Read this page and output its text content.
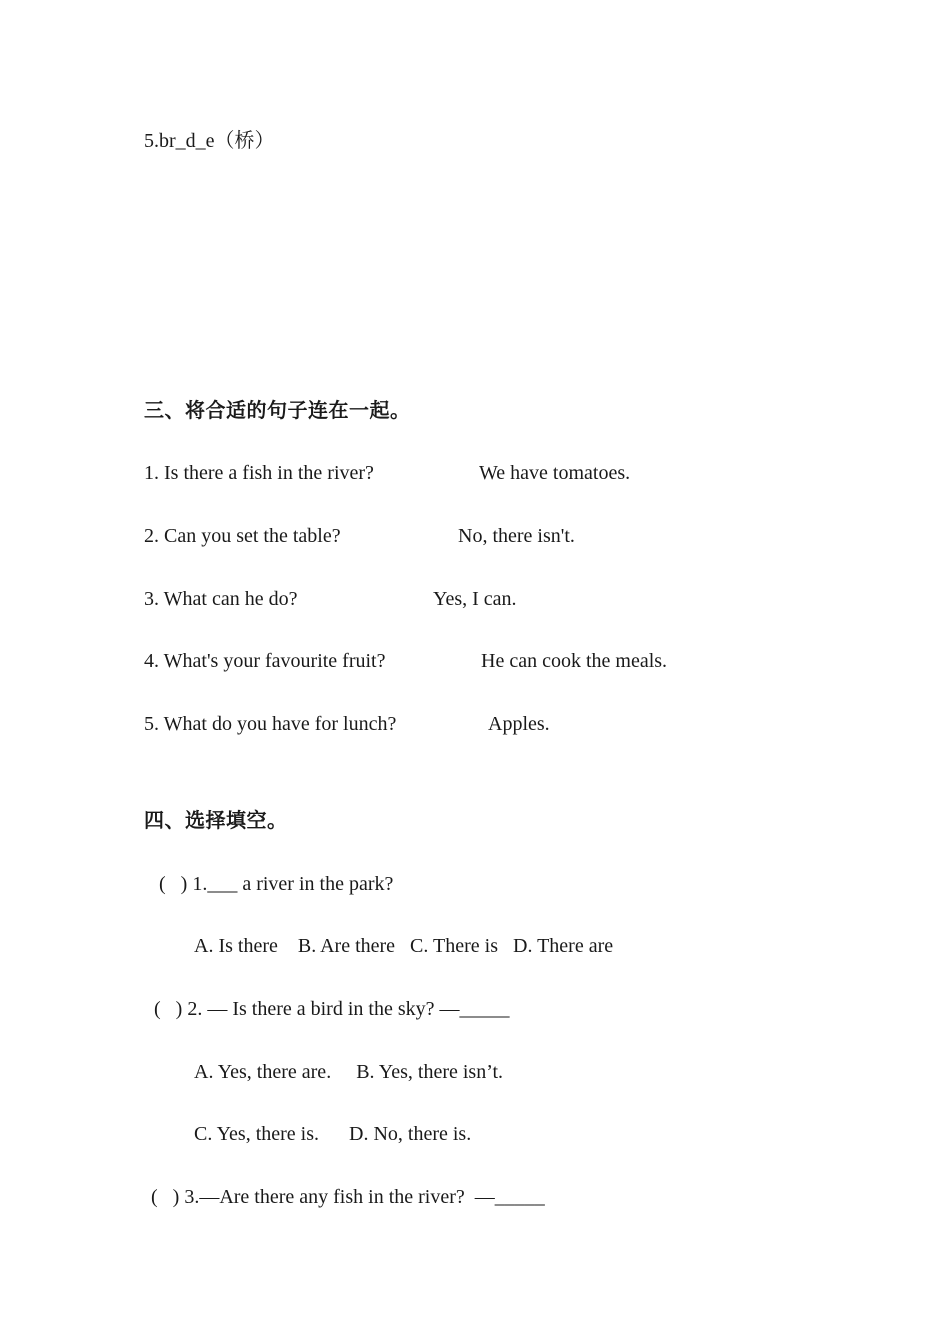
5.br_d_e（桥）
三、将合适的句子连在一起。
1. Is there a fish in the river?	We have tomatoes.
2. Can you set the table?	No, there isn't.
3. What can he do?	Yes, I can.
4. What's your favourite fruit?	He can cook the meals.
5. What do you have for lunch?	Apples.
四、选择填空。
(   ) 1.___ a river in the park?
A. Is there    B. Are there   C. There is   D. There are
(   ) 2. — Is there a bird in the sky? —_____
A. Yes, there are.     B. Yes, there isn’t.
C. Yes, there is.      D. No, there is.
(   ) 3.—Are there any fish in the river?  —_____
